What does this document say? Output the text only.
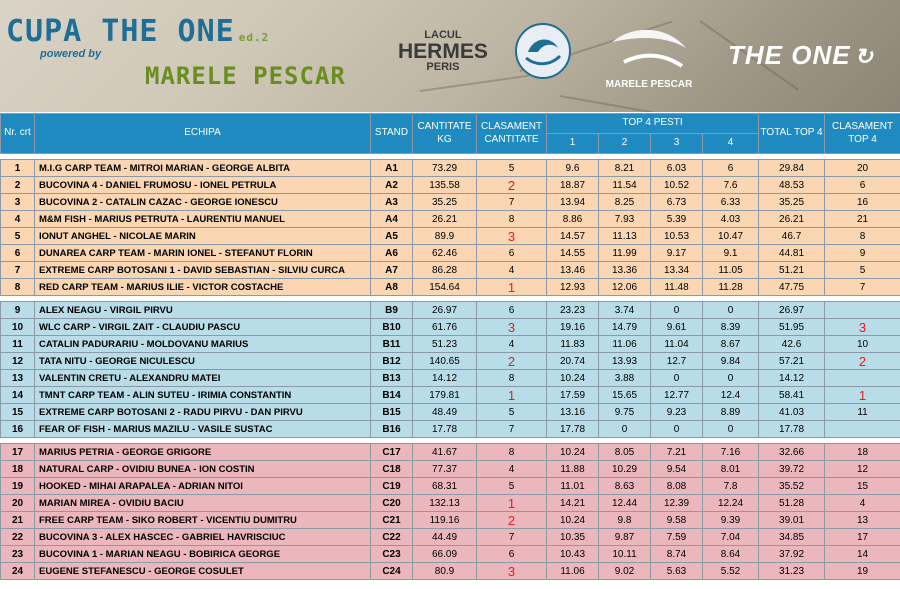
CUPA THE ONE ed.2
powered by
MARELE PESCAR
LACUL
HERMES
PERIS
MARELE PESCAR
THE ONE ↻
Nr. crt	ECHIPA	STAND	CANTITATE KG	CLASAMENT CANTITATE	TOP 4 PESTI				TOTAL TOP 4	CLASAMENT TOP 4
					1	2	3	4		

1	M.I.G CARP TEAM - MITROI MARIAN - GEORGE ALBITA	A1	73.29	5	9.6	8.21	6.03	6	29.84	20
2	BUCOVINA 4 - DANIEL FRUMOSU - IONEL PETRULA	A2	135.58	2	18.87	11.54	10.52	7.6	48.53	6
3	BUCOVINA 2 - CATALIN CAZAC - GEORGE IONESCU	A3	35.25	7	13.94	8.25	6.73	6.33	35.25	16
4	M&M FISH - MARIUS PETRUTA - LAURENTIU MANUEL	A4	26.21	8	8.86	7.93	5.39	4.03	26.21	21
5	IONUT ANGHEL - NICOLAE MARIN	A5	89.9	3	14.57	11.13	10.53	10.47	46.7	8
6	DUNAREA CARP TEAM - MARIN IONEL - STEFANUT FLORIN	A6	62.46	6	14.55	11.99	9.17	9.1	44.81	9
7	EXTREME CARP BOTOSANI 1 - DAVID SEBASTIAN - SILVIU CURCA	A7	86.28	4	13.46	13.36	13.34	11.05	51.21	5
8	RED CARP TEAM - MARIUS ILIE - VICTOR COSTACHE	A8	154.64	1	12.93	12.06	11.48	11.28	47.75	7

9	ALEX NEAGU - VIRGIL PIRVU	B9	26.97	6	23.23	3.74	0	0	26.97	
10	WLC CARP - VIRGIL ZAIT - CLAUDIU PASCU	B10	61.76	3	19.16	14.79	9.61	8.39	51.95	3
11	CATALIN PADURARIU - MOLDOVANU MARIUS	B11	51.23	4	11.83	11.06	11.04	8.67	42.6	10
12	TATA NITU - GEORGE NICULESCU	B12	140.65	2	20.74	13.93	12.7	9.84	57.21	2
13	VALENTIN CRETU - ALEXANDRU MATEI	B13	14.12	8	10.24	3.88	0	0	14.12	
14	TMNT CARP TEAM - ALIN SUTEU - IRIMIA CONSTANTIN	B14	179.81	1	17.59	15.65	12.77	12.4	58.41	1
15	EXTREME CARP BOTOSANI 2 - RADU PIRVU - DAN PIRVU	B15	48.49	5	13.16	9.75	9.23	8.89	41.03	11
16	FEAR OF FISH - MARIUS MAZILU - VASILE SUSTAC	B16	17.78	7	17.78	0	0	0	17.78	

17	MARIUS PETRIA - GEORGE GRIGORE	C17	41.67	8	10.24	8.05	7.21	7.16	32.66	18
18	NATURAL CARP - OVIDIU BUNEA - ION COSTIN	C18	77.37	4	11.88	10.29	9.54	8.01	39.72	12
19	HOOKED - MIHAI ARAPALEA - ADRIAN NITOI	C19	68.31	5	11.01	8.63	8.08	7.8	35.52	15
20	MARIAN MIREA - OVIDIU BACIU	C20	132.13	1	14.21	12.44	12.39	12.24	51.28	4
21	FREE CARP TEAM - SIKO ROBERT - VICENTIU DUMITRU	C21	119.16	2	10.24	9.8	9.58	9.39	39.01	13
22	BUCOVINA 3 - ALEX HASCEC - GABRIEL HAVRISCIUC	C22	44.49	7	10.35	9.87	7.59	7.04	34.85	17
23	BUCOVINA 1 - MARIAN NEAGU - BOBIRICA GEORGE	C23	66.09	6	10.43	10.11	8.74	8.64	37.92	14
24	EUGENE STEFANESCU - GEORGE COSULET	C24	80.9	3	11.06	9.02	5.63	5.52	31.23	19
